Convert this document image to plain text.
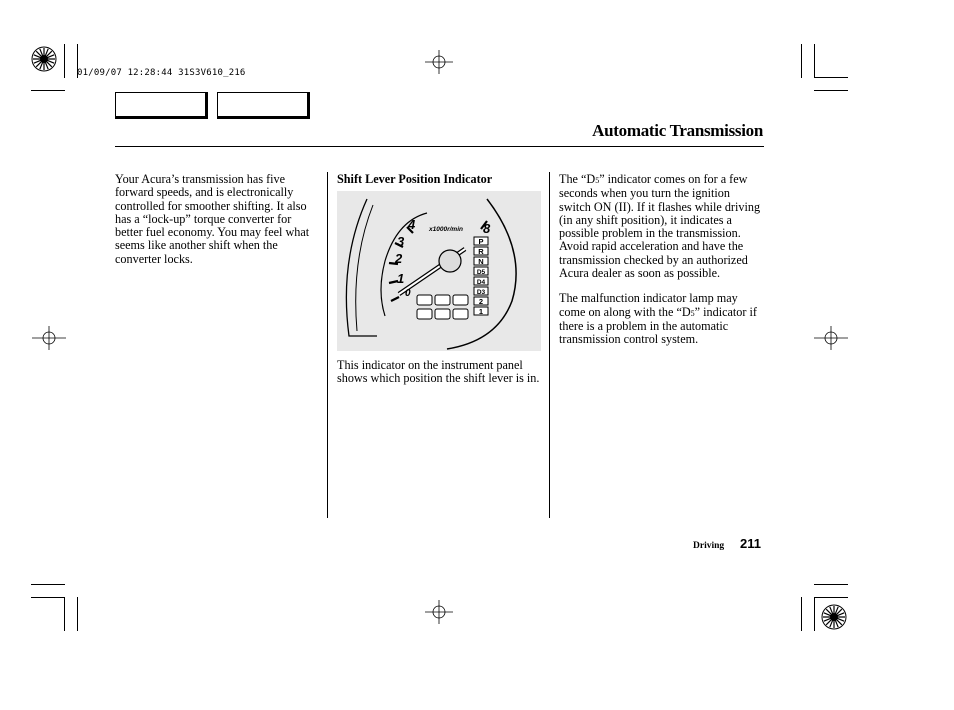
01/09/07 12:28:44 31S3V610_216
Automatic Transmission

Your Acura’s transmission has five forward speeds, and is electronically controlled for smoother shifting. It also has a “lock-up” torque converter for better fuel economy. You may feel what seems like another shift when the converter locks.

Shift Lever Position Indicator

P
R
N
D5
D4
D3
2
1
0
1
2
3
4	8
x1000r/min

This indicator on the instrument panel shows which position the shift lever is in.

The “D5” indicator comes on for a few seconds when you turn the ignition switch ON (II). If it flashes while driving (in any shift position), it indicates a possible problem in the transmission. Avoid rapid acceleration and have the transmission checked by an authorized Acura dealer as soon as possible.

The malfunction indicator lamp may come on along with the “D5” indicator if there is a problem in the automatic transmission control system.

Driving 211
